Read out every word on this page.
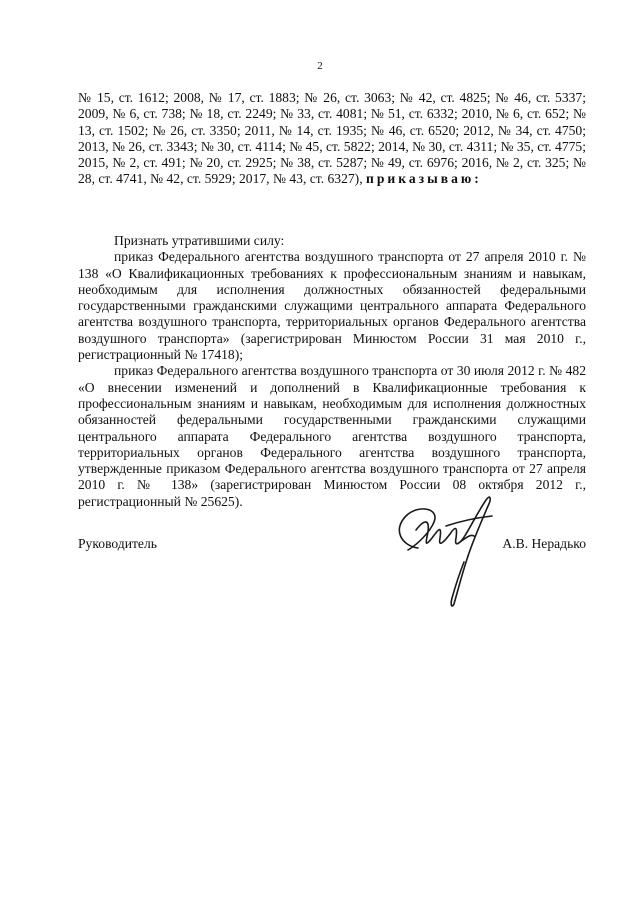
2
№ 15, ст. 1612; 2008, № 17, ст. 1883; № 26, ст. 3063; № 42, ст. 4825; № 46, ст. 5337; 2009, № 6, ст. 738; № 18, ст. 2249; № 33, ст. 4081; № 51, ст. 6332; 2010, № 6, ст. 652; № 13, ст. 1502; № 26, ст. 3350; 2011, № 14, ст. 1935; № 46, ст. 6520; 2012, № 34, ст. 4750; 2013, № 26, ст. 3343; № 30, ст. 4114; № 45, ст. 5822; 2014, № 30, ст. 4311; № 35, ст. 4775; 2015, № 2, ст. 491; № 20, ст. 2925; № 38, ст. 5287; № 49, ст. 6976; 2016, № 2, ст. 325; № 28, ст. 4741, № 42, ст. 5929; 2017, № 43, ст. 6327), приказываю:

Признать утратившими силу:

приказ Федерального агентства воздушного транспорта от 27 апреля 2010 г. № 138 «О Квалификационных требованиях к профессиональным знаниям и навыкам, необходимым для исполнения должностных обязанностей федеральными государственными гражданскими служащими центрального аппарата Федерального агентства воздушного транспорта, территориальных органов Федерального агентства воздушного транспорта» (зарегистрирован Минюстом России 31 мая 2010 г., регистрационный № 17418);

приказ Федерального агентства воздушного транспорта от 30 июля 2012 г. № 482 «О внесении изменений и дополнений в Квалификационные требования к профессиональным знаниям и навыкам, необходимым для исполнения должностных обязанностей федеральными государственными гражданскими служащими центрального аппарата Федерального агентства воздушного транспорта, территориальных органов Федерального агентства воздушного транспорта, утвержденные приказом Федерального агентства воздушного транспорта от 27 апреля 2010 г. № 138» (зарегистрирован Минюстом России 08 октября 2012 г., регистрационный № 25625).

Руководитель	А.В. Нерадько
